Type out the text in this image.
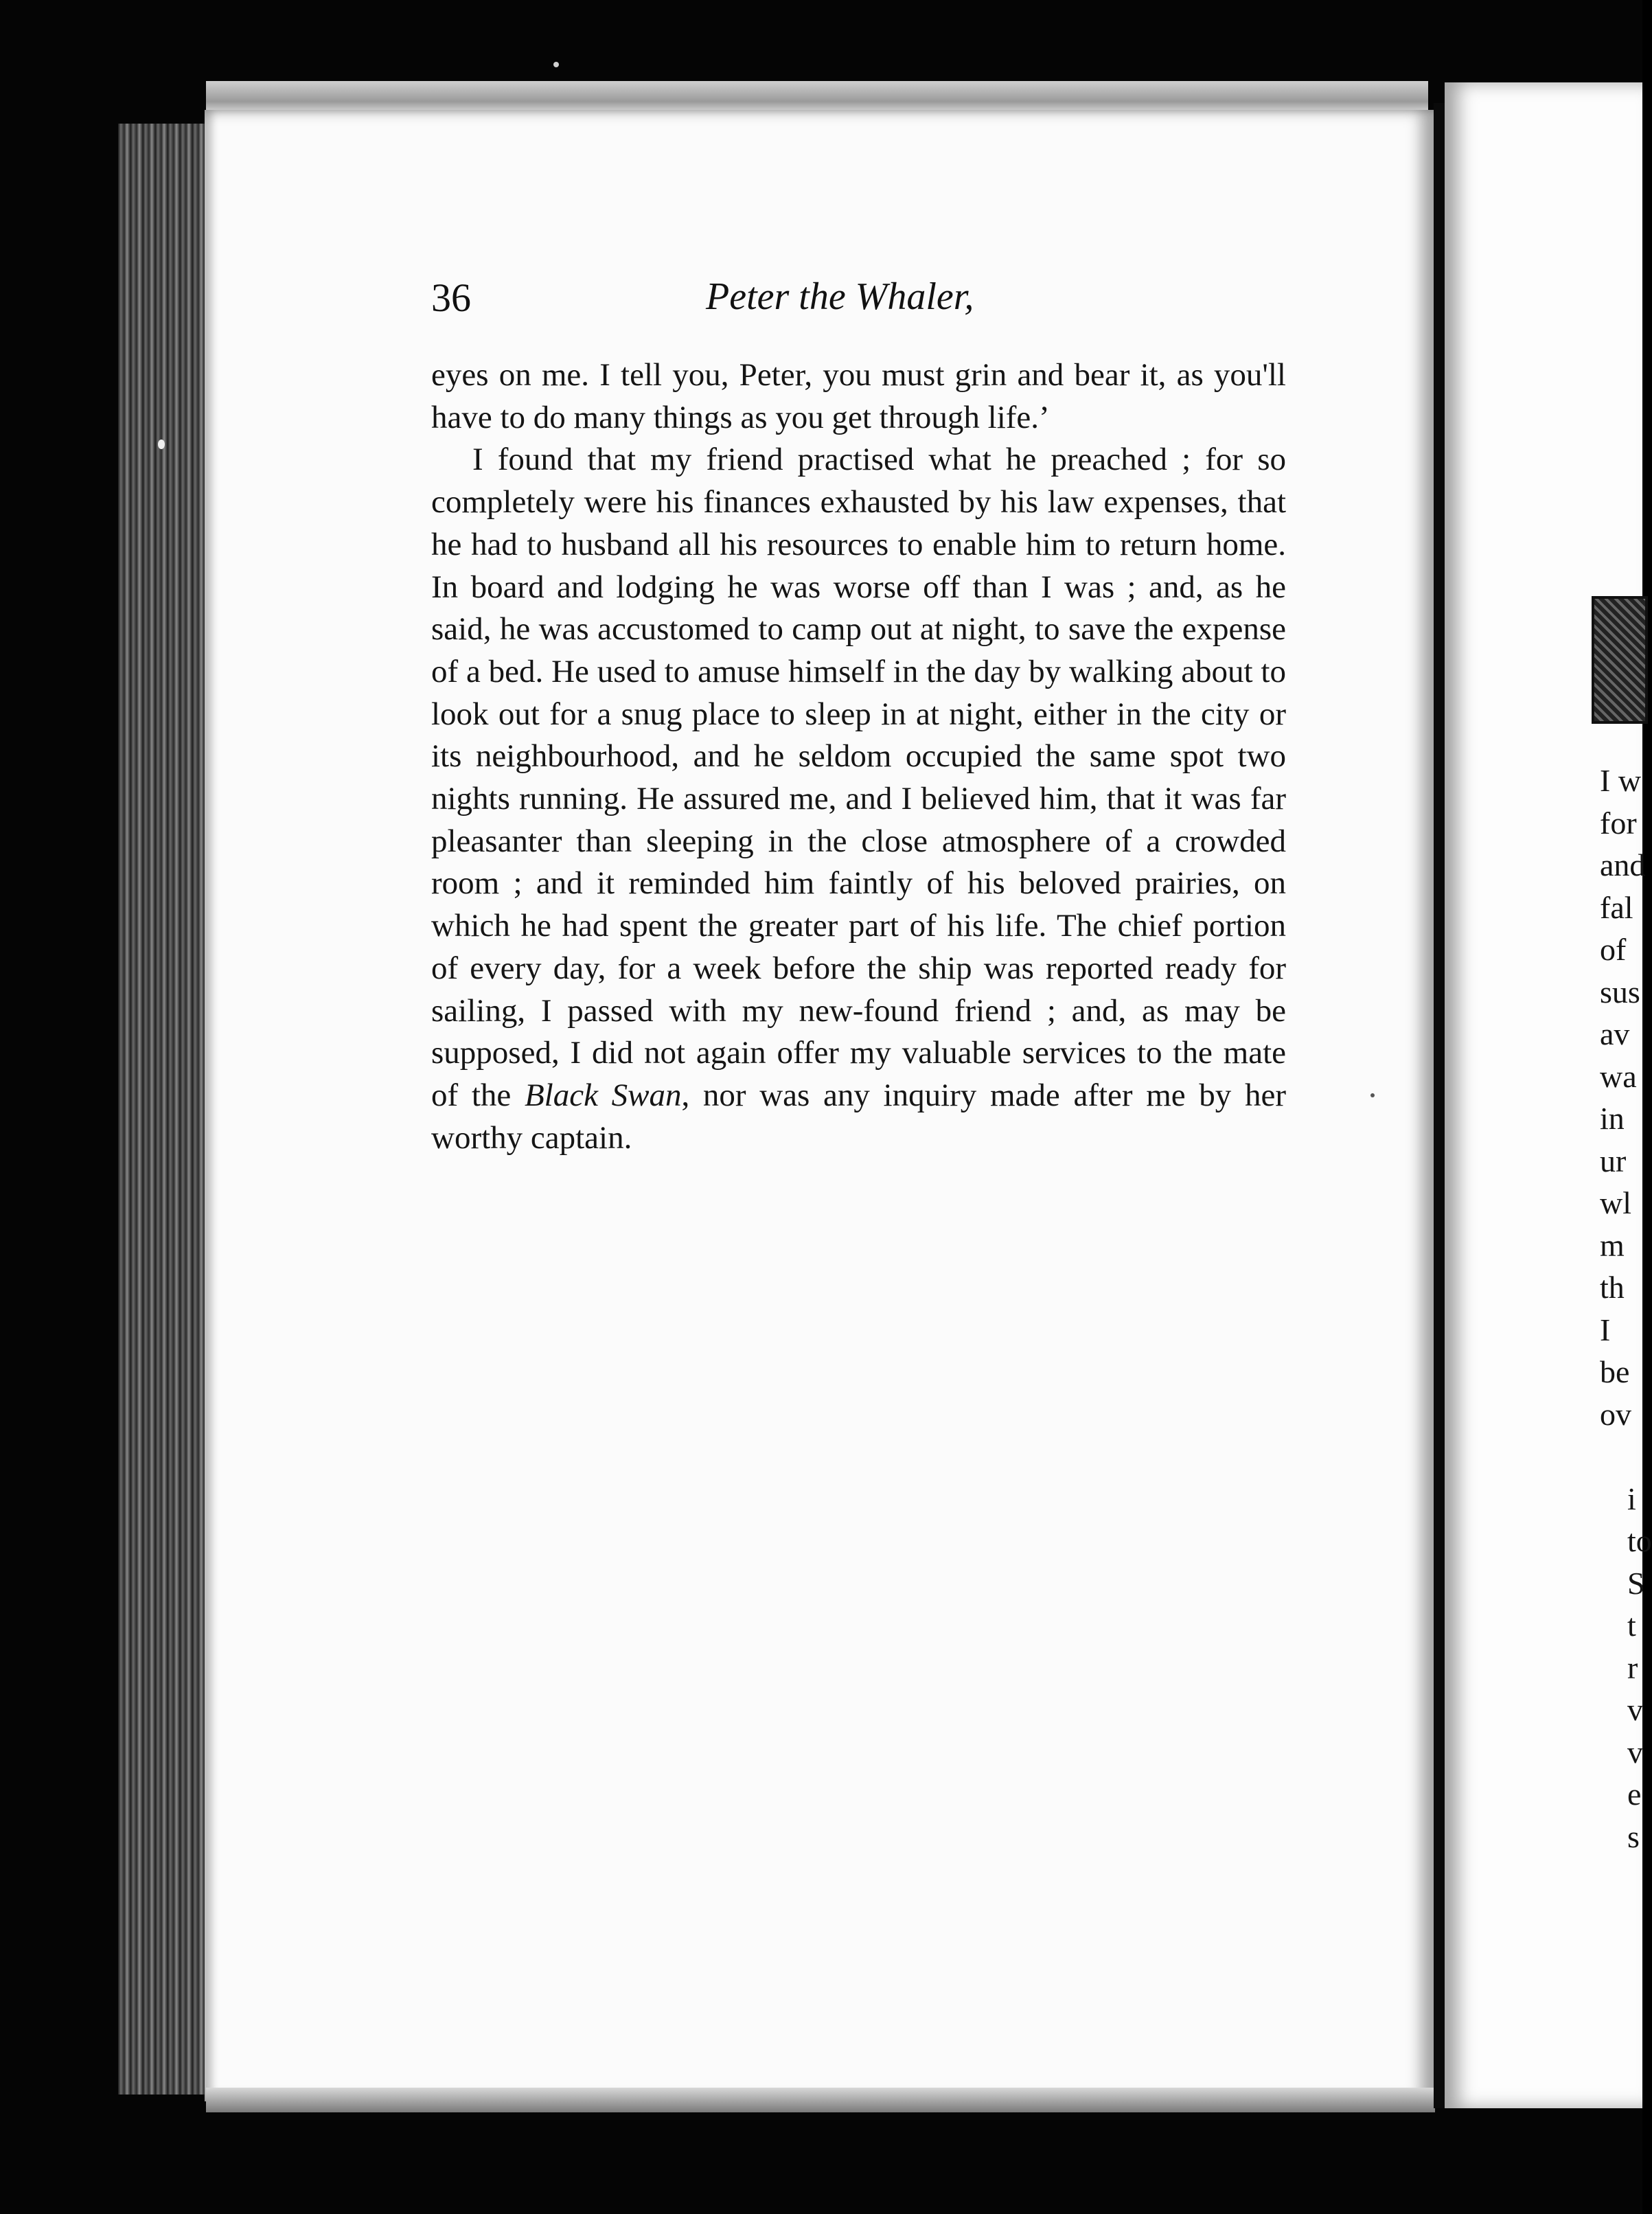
36	Peter the Whaler,

eyes on me. I tell you, Peter, you must grin and bear it, as you'll have to do many things as you get through life.’

I found that my friend practised what he preached ; for so completely were his finances exhausted by his law expenses, that he had to husband all his resources to enable him to return home. In board and lodging he was worse off than I was ; and, as he said, he was accustomed to camp out at night, to save the expense of a bed. He used to amuse himself in the day by walking about to look out for a snug place to sleep in at night, either in the city or its neighbourhood, and he seldom occupied the same spot two nights running. He assured me, and I believed him, that it was far pleasanter than sleeping in the close atmosphere of a crowded room ; and it reminded him faintly of his beloved prairies, on which he had spent the greater part of his life. The chief portion of every day, for a week before the ship was reported ready for sailing, I passed with my new-found friend ; and, as may be supposed, I did not again offer my valuable services to the mate of the Black Swan, nor was any inquiry made after me by her worthy captain.

I w
for
and
fal
of
sus
av
wa
in
ur
wl
m
th
I
be
ov
i
to
S
t
r
v
v
e
s
